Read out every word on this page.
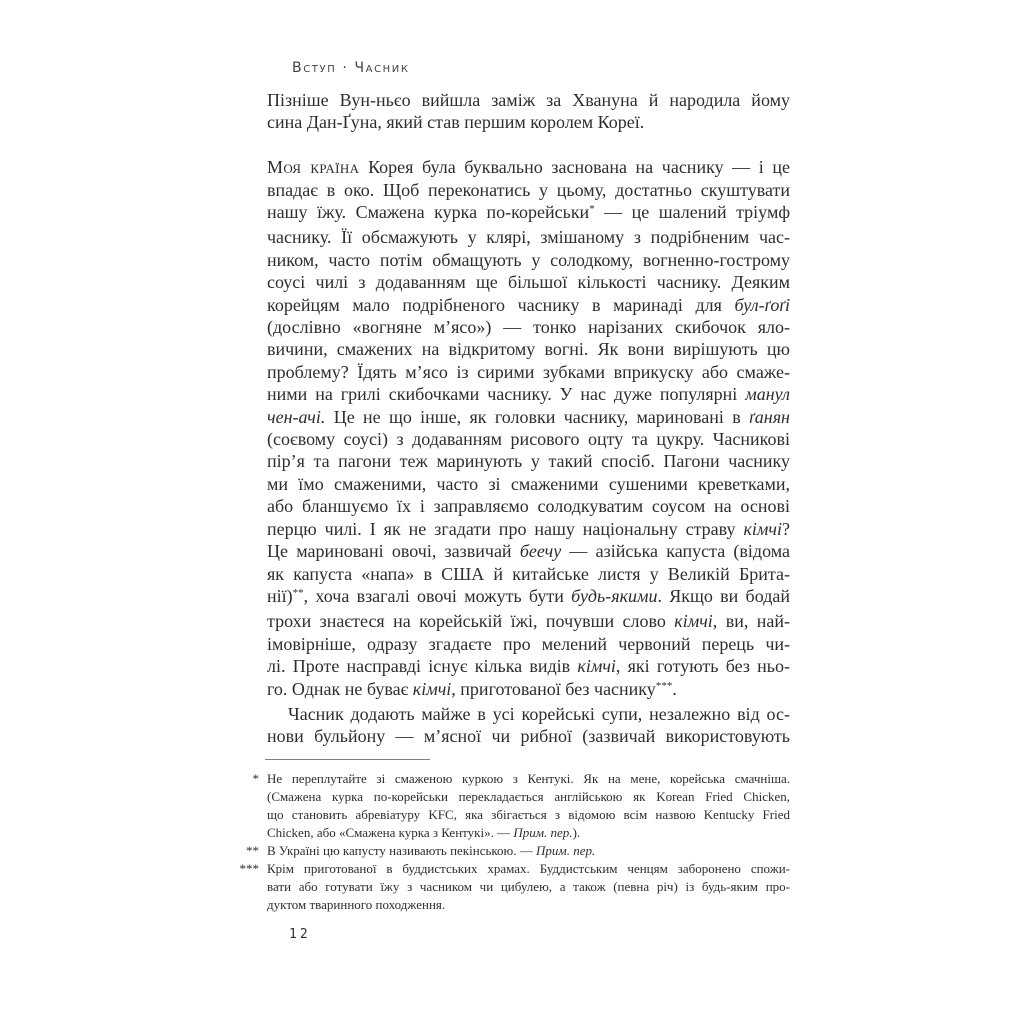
Вступ · Часник
Пізніше Вун-ньєо вийшла заміж за Хвануна й народила йому
сина Дан-Ґуна, який став першим королем Кореї.
Моя країна Корея була буквально заснована на часнику — і це
впадає в око. Щоб переконатись у цьому, достатньо скуштувати
нашу їжу. Смажена курка по-корейськи* — це шалений тріумф
часнику. Її обсмажують у клярі, змішаному з подрібненим час-
ником, часто потім обмащують у солодкому, вогненно-гострому
соусі чилі з додаванням ще більшої кількості часнику. Деяким
корейцям мало подрібненого часнику в маринаді для бул-ґоґі
(дослівно «вогняне м’ясо») — тонко нарізаних скибочок яло-
вичини, смажених на відкритому вогні. Як вони вирішують цю
проблему? Їдять м’ясо із сирими зубками вприкуску або смаже-
ними на грилі скибочками часнику. У нас дуже популярні манул
чен-ачі. Це не що інше, як головки часнику, мариновані в ґанян
(соєвому соусі) з додаванням рисового оцту та цукру. Часникові
пір’я та пагони теж маринують у такий спосіб. Пагони часнику
ми їмо смаженими, часто зі смаженими сушеними креветками,
або бланшуємо їх і заправляємо солодкуватим соусом на основі
перцю чилі. І як не згадати про нашу національну страву кімчі?
Це мариновані овочі, зазвичай беечу — азійська капуста (відома
як капуста «напа» в США й китайське листя у Великій Брита-
нії)**, хоча взагалі овочі можуть бути будь-якими. Якщо ви бодай
трохи знаєтеся на корейській їжі, почувши слово кімчі, ви, най-
імовірніше, одразу згадаєте про мелений червоний перець чи-
лі. Проте насправді існує кілька видів кімчі, які готують без ньо-
го. Однак не буває кімчі, приготованої без часнику***.
Часник додають майже в усі корейські супи, незалежно від ос-
нови бульйону — м’ясної чи рибної (зазвичай використовують
* Не переплутайте зі смаженою куркою з Кентукі. Як на мене, корейська смачніша.
(Смажена курка по-корейськи перекладається англійською як Korean Fried Chicken,
що становить абревіатуру KFC, яка збігається з відомою всім назвою Kentucky Fried
Chicken, або «Смажена курка з Кентукі». — Прим. пер.).
** В Україні цю капусту називають пекінською. — Прим. пер.
*** Крім приготованої в буддистських храмах. Буддистським ченцям заборонено спожи-
вати або готувати їжу з часником чи цибулею, а також (певна річ) із будь-яким про-
дуктом тваринного походження.
12
